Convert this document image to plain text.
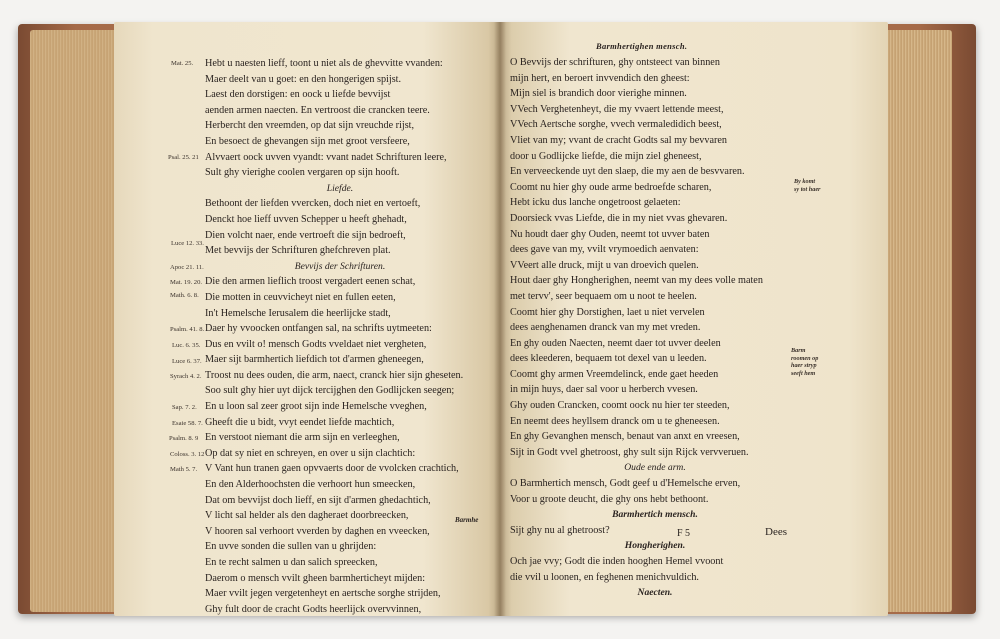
Hebt u naesten lieff, toont u niet als de ghevvitte vvanden:
Maer deelt van u goet: en den hongerigen spijst.
Laest den dorstigen: en oock u liefde bevvijst
aenden armen naecten. En vertroost die crancken teere.
Herbercht den vreemden, op dat sijn vreuchde rijst,
En besoect de ghevangen sijn met groot versfeere,
Alvvaert oock uvven vyandt: vvant nadet Schrifturen leere,
Sult ghy vierighe coolen vergaren op sijn hooft.
Liefde.
Bethoont der liefden vvercken, doch niet en vertoeft,
Denckt hoe lieff uvven Schepper u heeft ghehadt,
Dien volcht naer, ende vertroeft die sijn bedroeft,
Met bevvijs der Schrifturen ghefchreven plat.
Bevvijs der Schrifturen.
Die den armen lieflich troost vergadert eenen schat,
Die motten in ceuvvicheyt niet en fullen eeten,
In't Hemelsche Ierusalem die heerlijcke stadt,
Daer hy vvoocken ontfangen sal, na schrifts uytmeeten:
Dus en vvilt o! mensch Godts vveldaet niet vergheten,
Maer sijt barmhertich liefdich tot d'armen gheneegen,
Troost nu dees ouden, die arm, naect, cranck hier sijn gheseten.
Soo sult ghy hier uyt dijck tercijghen den Godlijcken seegen;
En u loon sal zeer groot sijn inde Hemelsche vveghen,
Gheeft die u bidt, vvyt eendet liefde machtich,
En verstoot niemant die arm sijn en verleeghen,
Op dat sy niet en schreyen, en over u sijn clachtich:
V Vant hun tranen gaen opvvaerts door de vvolcken crachtich,
En den Alderhoochsten die verhoort hun smeecken,
Dat om bevvijst doch lieff, en sijt d'armen ghedachtich,
V licht sal helder als den dagheraet doorbreecken,
V hooren sal verhoort vverden by daghen en vveecken,
En uvve sonden die sullen van u ghrijden:
En te recht salmen u dan salich spreecken,
Daerom o mensch vvilt gheen barmherticheyt mijden:
Maer vvilt jegen vergetenheyt en aertsche sorghe strijden,
Ghy fult door de cracht Godts heerlijck overvvinnen,
Mat. 25.
Psal. 25. 21
Luce 12. 33.
Apoc 21. 11.
Mat. 19. 20.
Math. 6. 8.
Psalm. 41. 8.
Luc. 6. 35.
Luce 6. 37.
Syrach 4. 2.
Sap. 7. 2.
Esaie 58. 7.
Psalm. 8. 9
Coloss. 3. 12
Math 5. 7.
Barmhe
Barmhertighen mensch.
O Bevvijs der schrifturen, ghy ontsteect van binnen
mijn hert, en beroert invvendich den gheest:
Mijn siel is brandich door vierighe minnen.
VVech Verghetenheyt, die my vvaert lettende meest,
VVech Aertsche sorghe, vvech vermaledidich beest,
Vliet van my; vvant de cracht Godts sal my bevvaren
door u Godlijcke liefde, die mijn ziel gheneest,
En verveeckende uyt den slaep, die my aen de besvvaren.
Coomt nu hier ghy oude arme bedroefde scharen,
Hebt icku dus lanche ongetroost gelaeten:
Doorsieck vvas Liefde, die in my niet vvas ghevaren.
Nu houdt daer ghy Ouden, neemt tot uvver baten
dees gave van my, vvilt vrymoedich aenvaten:
VVeert alle druck, mijt u van droevich quelen.
Hout daer ghy Hongherighen, neemt van my dees volle maten
met tervv', seer bequaem om u noot te heelen.
Coomt hier ghy Dorstighen, laet u niet vervelen
dees aenghenamen dranck van my met vreden.
En ghy ouden Naecten, neemt daer tot uvver deelen
dees kleederen, bequaem tot dexel van u leeden.
Coomt ghy armen Vreemdelinck, ende gaet heeden
in mijn huys, daer sal voor u herberch vvesen.
Ghy ouden Crancken, coomt oock nu hier ter steeden,
En neemt dees heyllsem dranck om u te gheneesen.
En ghy Gevanghen mensch, benaut van anxt en vreesen,
Sijt in Godt vvel ghetroost, ghy sult sijn Rijck vervveruen.
Oude ende arm.
O Barmhertich mensch, Godt geef u d'Hemelsche erven,
Voor u groote deucht, die ghy ons hebt bethoont.
Barmhertich mensch.
Sijt ghy nu al ghetroost?
Hongherighen.
Och jae vvy; Godt die inden hooghen Hemel vvoont
die vvil u loonen, en feghenen menichvuldich.
Naecten.
By komt
sy tot haer
Barm
roomen op
haer stryp
seeft hem
F 5	Dees
